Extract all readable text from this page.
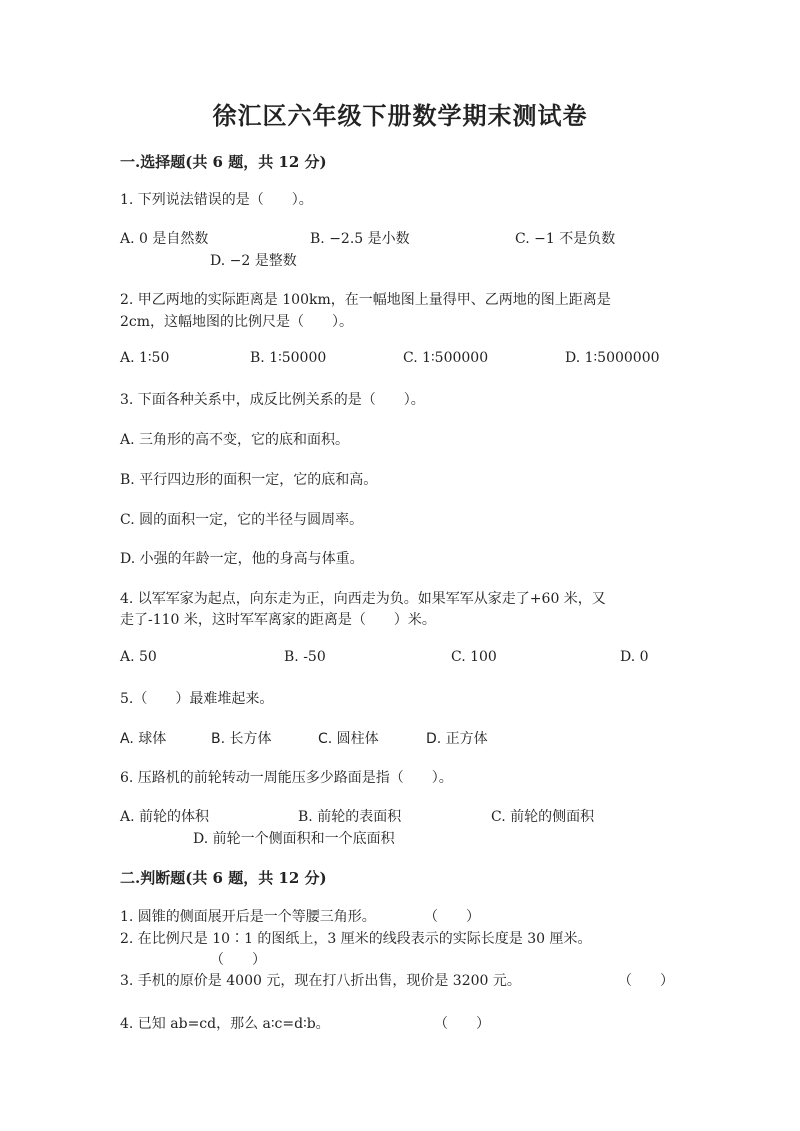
徐汇区六年级下册数学期末测试卷
一.选择题(共 6 题，共 12 分)
1. 下列说法错误的是（　　）。
A. 0 是自然数	B. −2.5 是小数	C. −1 不是负数
D. −2 是整数
2. 甲乙两地的实际距离是 100km，在一幅地图上量得甲、乙两地的图上距离是
2cm，这幅地图的比例尺是（　　）。
A. 1∶50	B. 1∶50000	C. 1∶500000	D. 1∶5000000
3. 下面各种关系中，成反比例关系的是（　　）。
A. 三角形的高不变，它的底和面积。
B. 平行四边形的面积一定，它的底和高。
C. 圆的面积一定，它的半径与圆周率。
D. 小强的年龄一定，他的身高与体重。
4. 以军军家为起点，向东走为正，向西走为负。如果军军从家走了+60 米，又
走了-110 米，这时军军离家的距离是（　　）米。
A. 50	B. -50	C. 100	D. 0
5.（　　）最难堆起来。
A. 球体	B. 长方体	C. 圆柱体	D. 正方体
6. 压路机的前轮转动一周能压多少路面是指（　　）。
A. 前轮的体积	B. 前轮的表面积	C. 前轮的侧面积
D. 前轮一个侧面积和一个底面积
二.判断题(共 6 题，共 12 分)
1. 圆锥的侧面展开后是一个等腰三角形。	（　　）
2. 在比例尺是 10∶1 的图纸上，3 厘米的线段表示的实际长度是 30 厘米。
（　　）
3. 手机的原价是 4000 元，现在打八折出售，现价是 3200 元。	（　　）
4. 已知 ab=cd，那么 a∶c=d∶b。	（　　）
